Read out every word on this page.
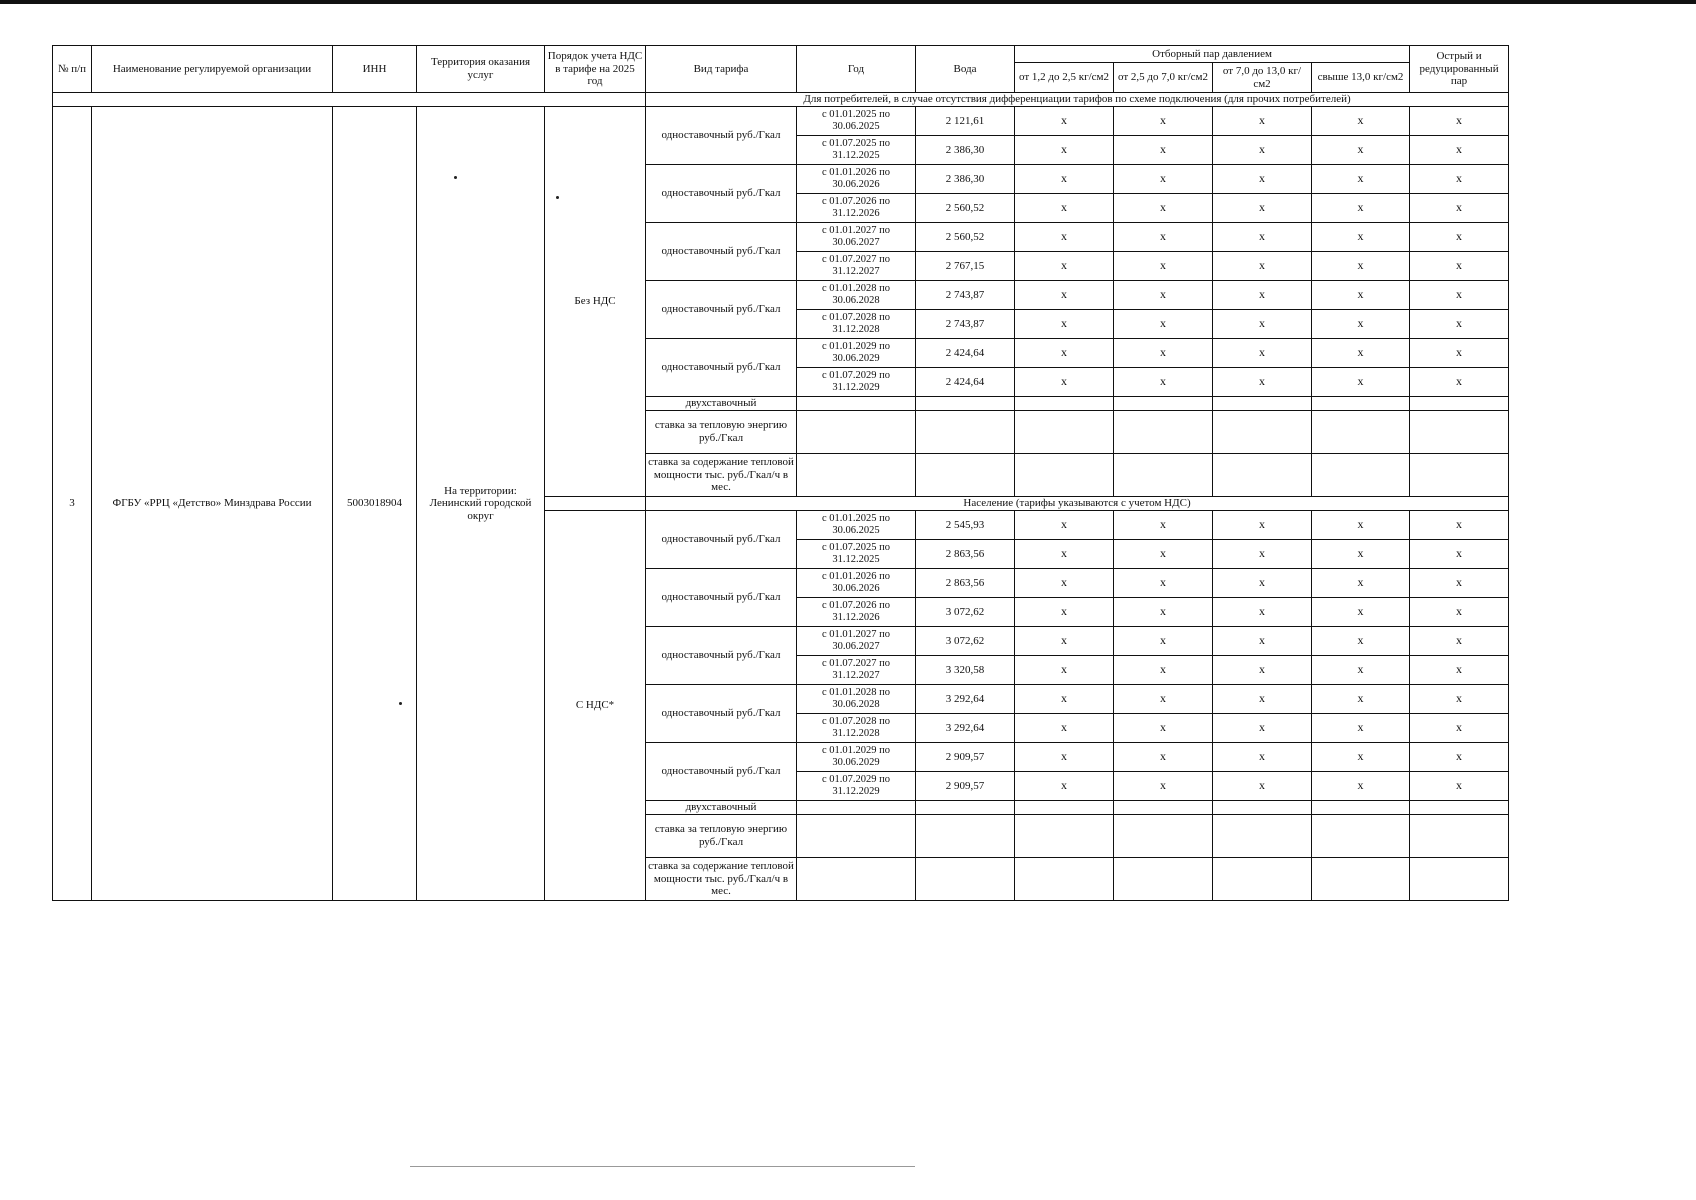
№ п/п	Наименование регулируемой организации	ИНН	Территория оказания услуг	Порядок учета НДС в тарифе на 2025 год	Вид тарифа	Год	Вода	Отборный пар давлением				Острый и редуцированный пар
								от 1,2 до 2,5 кг/см2	от 2,5 до 7,0 кг/см2	от 7,0 до 13,0 кг/см2	свыше 13,0 кг/см2	
					Для потребителей, в случае отсутствия дифференциации тарифов по схеме подключения (для прочих потребителей)							
3	ФГБУ «РРЦ «Детство» Минздрава России	5003018904	На территории: Ленинский городской округ	Без НДС	одноставочный руб./Гкал	с 01.01.2025 по 30.06.2025	2 121,61	x	x	x	x	x
						с 01.07.2025 по 31.12.2025	2 386,30	x	x	x	x	x
					одноставочный руб./Гкал	с 01.01.2026 по 30.06.2026	2 386,30	x	x	x	x	x
						с 01.07.2026 по 31.12.2026	2 560,52	x	x	x	x	x
					одноставочный руб./Гкал	с 01.01.2027 по 30.06.2027	2 560,52	x	x	x	x	x
						с 01.07.2027 по 31.12.2027	2 767,15	x	x	x	x	x
					одноставочный руб./Гкал	с 01.01.2028 по 30.06.2028	2 743,87	x	x	x	x	x
						с 01.07.2028 по 31.12.2028	2 743,87	x	x	x	x	x
					одноставочный руб./Гкал	с 01.01.2029 по 30.06.2029	2 424,64	x	x	x	x	x
						с 01.07.2029 по 31.12.2029	2 424,64	x	x	x	x	x
					двухставочный							
					ставка за тепловую энергию руб./Гкал							
					ставка за содержание тепловой мощности тыс. руб./Гкал/ч в мес.							
					Население (тарифы указываются с учетом НДС)							
				С НДС*	одноставочный руб./Гкал	с 01.01.2025 по 30.06.2025	2 545,93	x	x	x	x	x
						с 01.07.2025 по 31.12.2025	2 863,56	x	x	x	x	x
					одноставочный руб./Гкал	с 01.01.2026 по 30.06.2026	2 863,56	x	x	x	x	x
						с 01.07.2026 по 31.12.2026	3 072,62	x	x	x	x	x
					одноставочный руб./Гкал	с 01.01.2027 по 30.06.2027	3 072,62	x	x	x	x	x
						с 01.07.2027 по 31.12.2027	3 320,58	x	x	x	x	x
					одноставочный руб./Гкал	с 01.01.2028 по 30.06.2028	3 292,64	x	x	x	x	x
						с 01.07.2028 по 31.12.2028	3 292,64	x	x	x	x	x
					одноставочный руб./Гкал	с 01.01.2029 по 30.06.2029	2 909,57	x	x	x	x	x
						с 01.07.2029 по 31.12.2029	2 909,57	x	x	x	x	x
					двухставочный							
					ставка за тепловую энергию руб./Гкал							
					ставка за содержание тепловой мощности тыс. руб./Гкал/ч в мес.							
